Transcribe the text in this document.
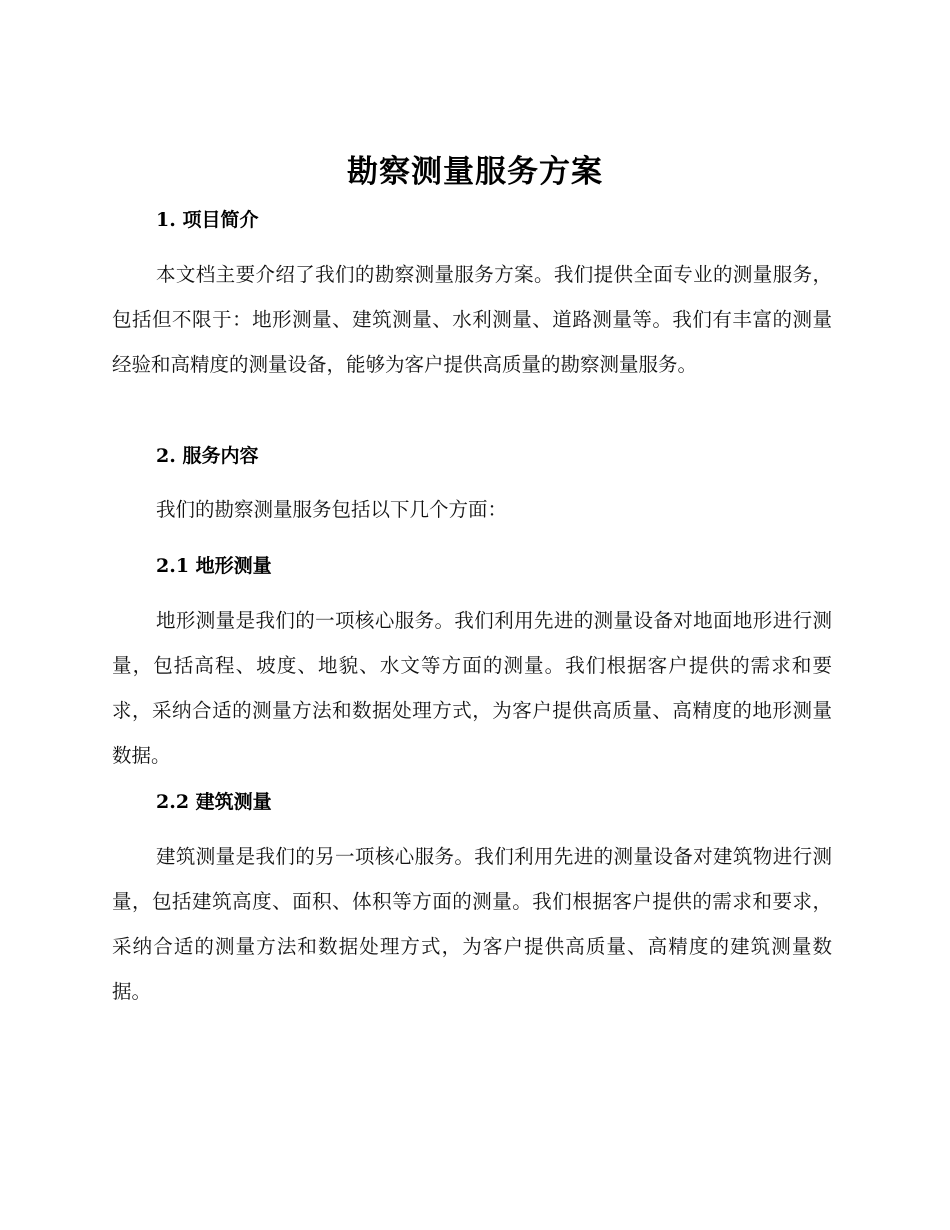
勘察测量服务方案
1. 项目简介
本文档主要介绍了我们的勘察测量服务方案。我们提供全面专业的测量服务，包括但不限于：地形测量、建筑测量、水利测量、道路测量等。我们有丰富的测量经验和高精度的测量设备，能够为客户提供高质量的勘察测量服务。
2. 服务内容
我们的勘察测量服务包括以下几个方面：
2.1 地形测量
地形测量是我们的一项核心服务。我们利用先进的测量设备对地面地形进行测量，包括高程、坡度、地貌、水文等方面的测量。我们根据客户提供的需求和要求，采纳合适的测量方法和数据处理方式，为客户提供高质量、高精度的地形测量数据。
2.2 建筑测量
建筑测量是我们的另一项核心服务。我们利用先进的测量设备对建筑物进行测量，包括建筑高度、面积、体积等方面的测量。我们根据客户提供的需求和要求，采纳合适的测量方法和数据处理方式，为客户提供高质量、高精度的建筑测量数据。
